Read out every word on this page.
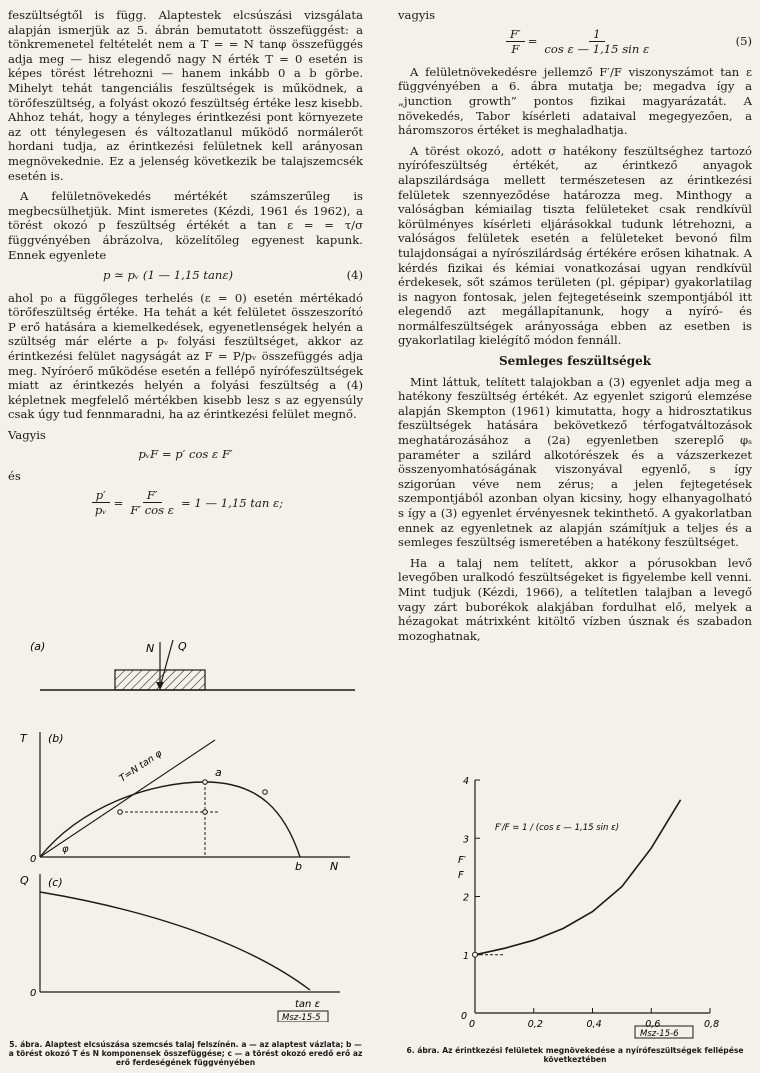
feszültségtől is függ. Alaptestek elcsúszási vizsgálata alapján ismerjük az 5. ábrán bemutatott összefüggést: a tönkremenetel feltételét nem a T = = N tanφ összefüggés adja meg — hisz elegendő nagy N érték T = 0 esetén is képes törést létrehozni — hanem inkább 0 a b görbe. Mihelyt tehát tangenciális feszültségek is működnek, a törőfeszültség, a folyást okozó feszültség értéke lesz kisebb. Ahhoz tehát, hogy a tényleges érintkezési pont környezete az ott ténylegesen és változatlanul működő normálerőt hordani tudja, az érintkezési felületnek kell arányosan megnövekednie. Ez a jelenség következik be talajszemcsék esetén is.

A felületnövekedés mértékét számszerűleg is megbecsülhetjük. Mint ismeretes (Kézdi, 1961 és 1962), a törést okozó p feszültség értékét a tan ε = = τ/σ függvényében ábrázolva, közelítőleg egyenest kapunk. Ennek egyenlete

p ≃ pᵥ (1 — 1,15 tanε)	(4)

ahol p₀ a függőleges terhelés (ε = 0) esetén mértékadó törőfeszültség értéke. Ha tehát a két felületet összeszorító P erő hatására a kiemelkedések, egyenetlenségek helyén a szültség már elérte a pᵥ folyási feszültséget, akkor az érintkezési felület nagyságát az F = P/pᵥ összefüggés adja meg. Nyíróerő működése esetén a fellépő nyírófeszültségek miatt az érintkezés helyén a folyási feszültség a (4) képletnek megfelelő mértékben kisebb lesz s az egyensúly csak úgy tud fennmaradni, ha az érintkezési felület megnő.

Vagyis
pᵥF = p′ cos ε F′
és
$\frac{p'}{\text{pᵥ}} = \frac{F'}{\text{F′ cos ε}} = 1$ — 1,15 tan ε;
(a)	N Q
T (b)
T=N tan φ	a
φ
0
b	N
Q (c)
0
tan ε
Msz-15-5
5. ábra. Alaptest elcsúszása szemcsés talaj felszínén. a — az alaptest vázlata; b — a törést okozó T és N komponensek összefüggése; c — a törést okozó eredő erő az erő ferdeségének függvényében
vagyis
$\frac{F'}{F} = \frac{1}{\text{cos ε — 1,15 sin ε}}$	(5)

A felületnövekedésre jellemző F′/F viszonyszámot tan ε függvényében a 6. ábra mutatja be; megadva így a „junction growth” pontos fizikai magyarázatát. A növekedés, Tabor kísérleti adataival megegyezően, a háromszoros értéket is meghaladhatja.

A törést okozó, adott σ hatékony feszültséghez tartozó nyírófeszültség értékét, az érintkező anyagok alapszilárdsága mellett természetesen az érintkezési felületek szennyeződése határozza meg. Minthogy a valóságban kémiailag tiszta felületeket csak rendkívül körülményes kísérleti eljárásokkal tudunk létrehozni, a valóságos felületek esetén a felületeket bevonó film tulajdonságai a nyírószilárdság értékére erősen kihatnak. A kérdés fizikai és kémiai vonatkozásai ugyan rendkívül érdekesek, sőt számos területen (pl. gépipar) gyakorlatilag is nagyon fontosak, jelen fejtegetéseink szempontjából itt elegendő azt megállapítanunk, hogy a nyíró- és normálfeszültségek arányossága ebben az esetben is gyakorlatilag kielégítő módon fennáll.

Semleges feszültségek

Mint láttuk, telített talajokban a (3) egyenlet adja meg a hatékony feszültség értékét. Az egyenlet szigorú elemzése alapján Skempton (1961) kimutatta, hogy a hidrosztatikus feszültségek hatására bekövetkező térfogatváltozások meghatározásához a (2a) egyenletben szereplő φₛ paraméter a szilárd alkotórészek és a vázszerkezet összenyomhatóságának viszonyával egyenlő, s így szigorúan véve nem zérus; a jelen fejtegetések szempontjából azonban olyan kicsiny, hogy elhanyagolható s így a (3) egyenlet érvényesnek tekinthető. A gyakorlatban ennek az egyenletnek az alapján számítjuk a teljes és a semleges feszültség ismeretében a hatékony feszültséget.

Ha a talaj nem telített, akkor a pórusokban levő levegőben uralkodó feszültségeket is figyelembe kell venni. Mint tudjuk (Kézdi, 1966), a telítetlen talajban a levegő vagy zárt buborékok alakjában fordulhat elő, melyek a hézagokat mátrixként kitöltő vízben úsznak és szabadon mozoghatnak,

0	0,2	0,4	0,6	0,8
1
2
3
4
0
F′
F
F′/F = 1 / (cos ε — 1,15 sin ε)
Msz-15-6
6. ábra. Az érintkezési felületek megnövekedése a nyírófeszültségek fellépése következtében
